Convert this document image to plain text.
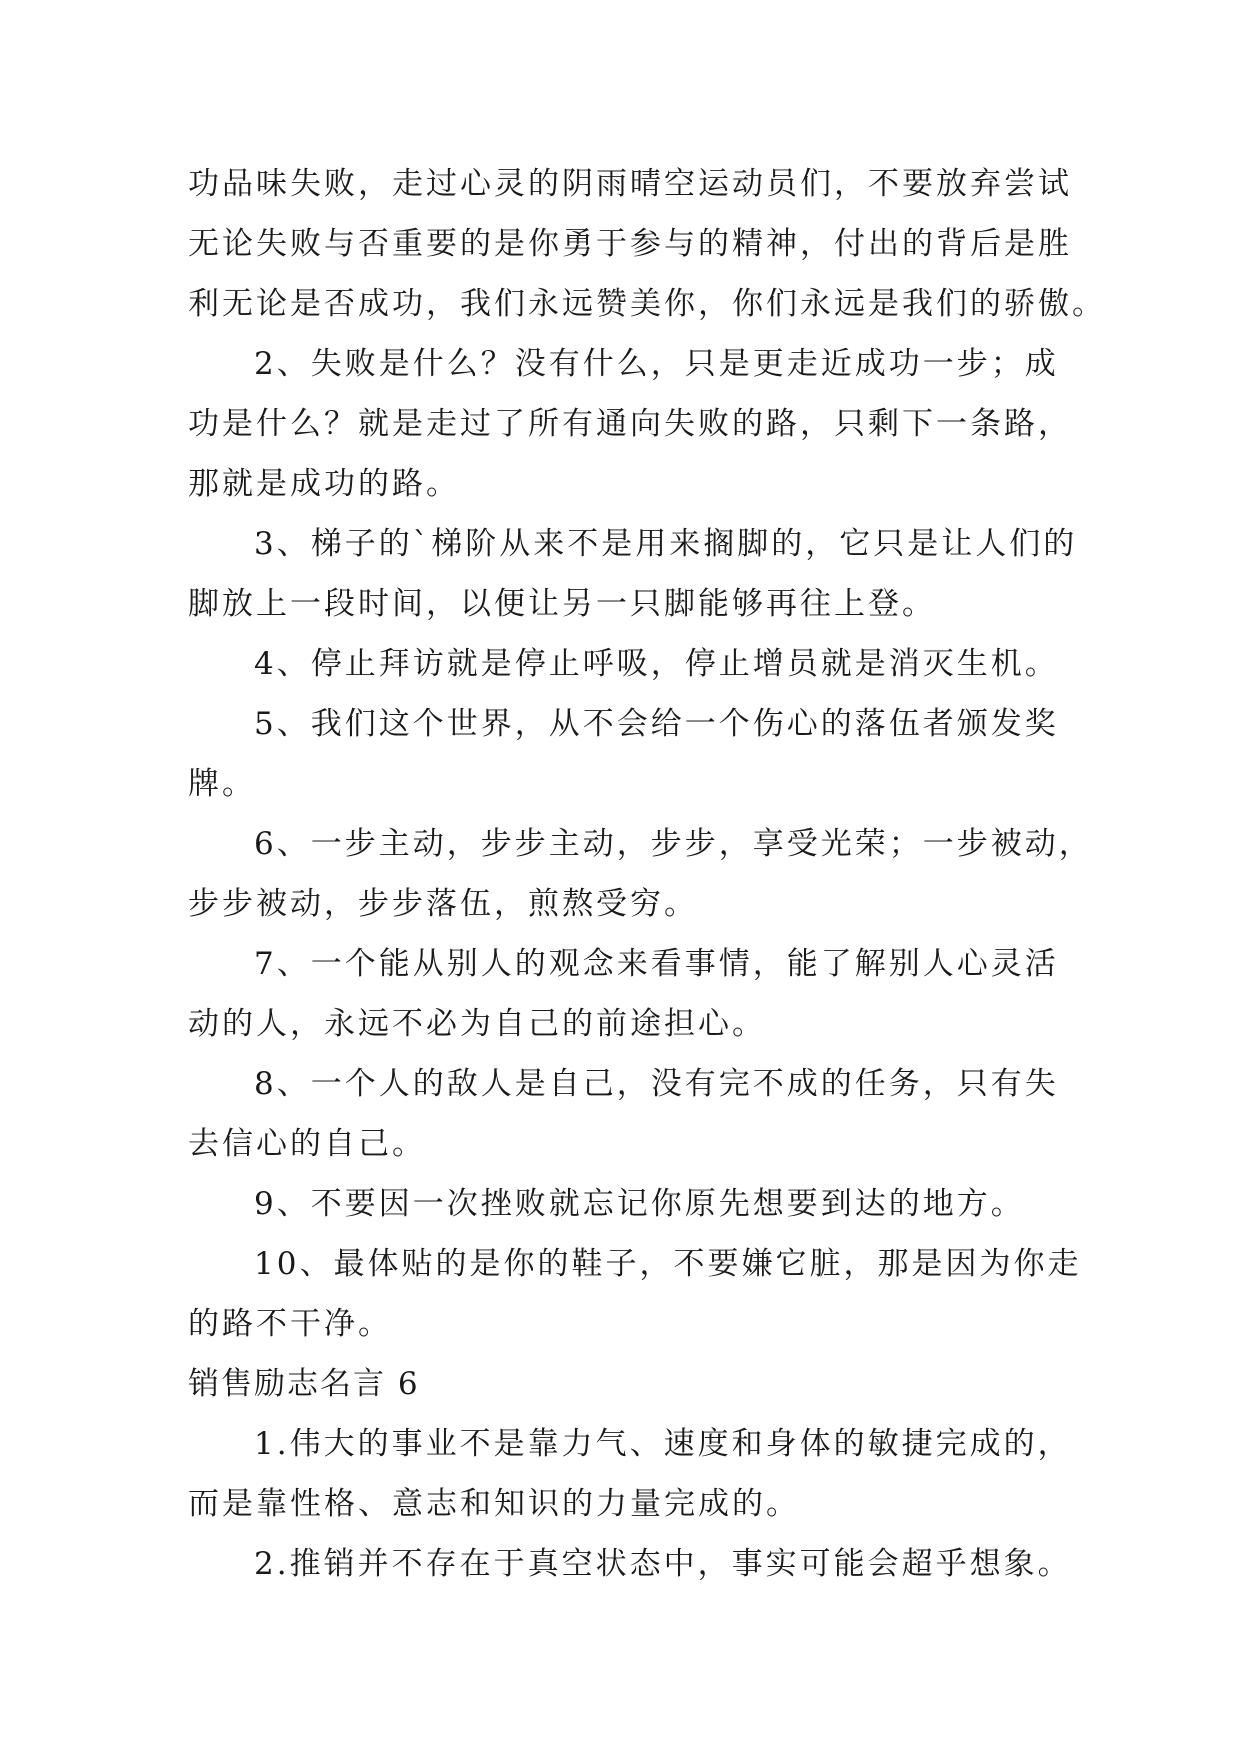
功品味失败，走过心灵的阴雨晴空运动员们，不要放弃尝试
无论失败与否重要的是你勇于参与的精神，付出的背后是胜
利无论是否成功，我们永远赞美你，你们永远是我们的骄傲。
2、失败是什么？没有什么，只是更走近成功一步；成
功是什么？就是走过了所有通向失败的路，只剩下一条路，
那就是成功的路。
3、梯子的`梯阶从来不是用来搁脚的，它只是让人们的
脚放上一段时间，以便让另一只脚能够再往上登。
4、停止拜访就是停止呼吸，停止增员就是消灭生机。
5、我们这个世界，从不会给一个伤心的落伍者颁发奖
牌。
6、一步主动，步步主动，步步，享受光荣；一步被动，
步步被动，步步落伍，煎熬受穷。
7、一个能从别人的观念来看事情，能了解别人心灵活
动的人，永远不必为自己的前途担心。
8、一个人的敌人是自己，没有完不成的任务，只有失
去信心的自己。
9、不要因一次挫败就忘记你原先想要到达的地方。
10、最体贴的是你的鞋子，不要嫌它脏，那是因为你走
的路不干净。
销售励志名言 6
1.伟大的事业不是靠力气、速度和身体的敏捷完成的，
而是靠性格、意志和知识的力量完成的。
2.推销并不存在于真空状态中，事实可能会超乎想象。
